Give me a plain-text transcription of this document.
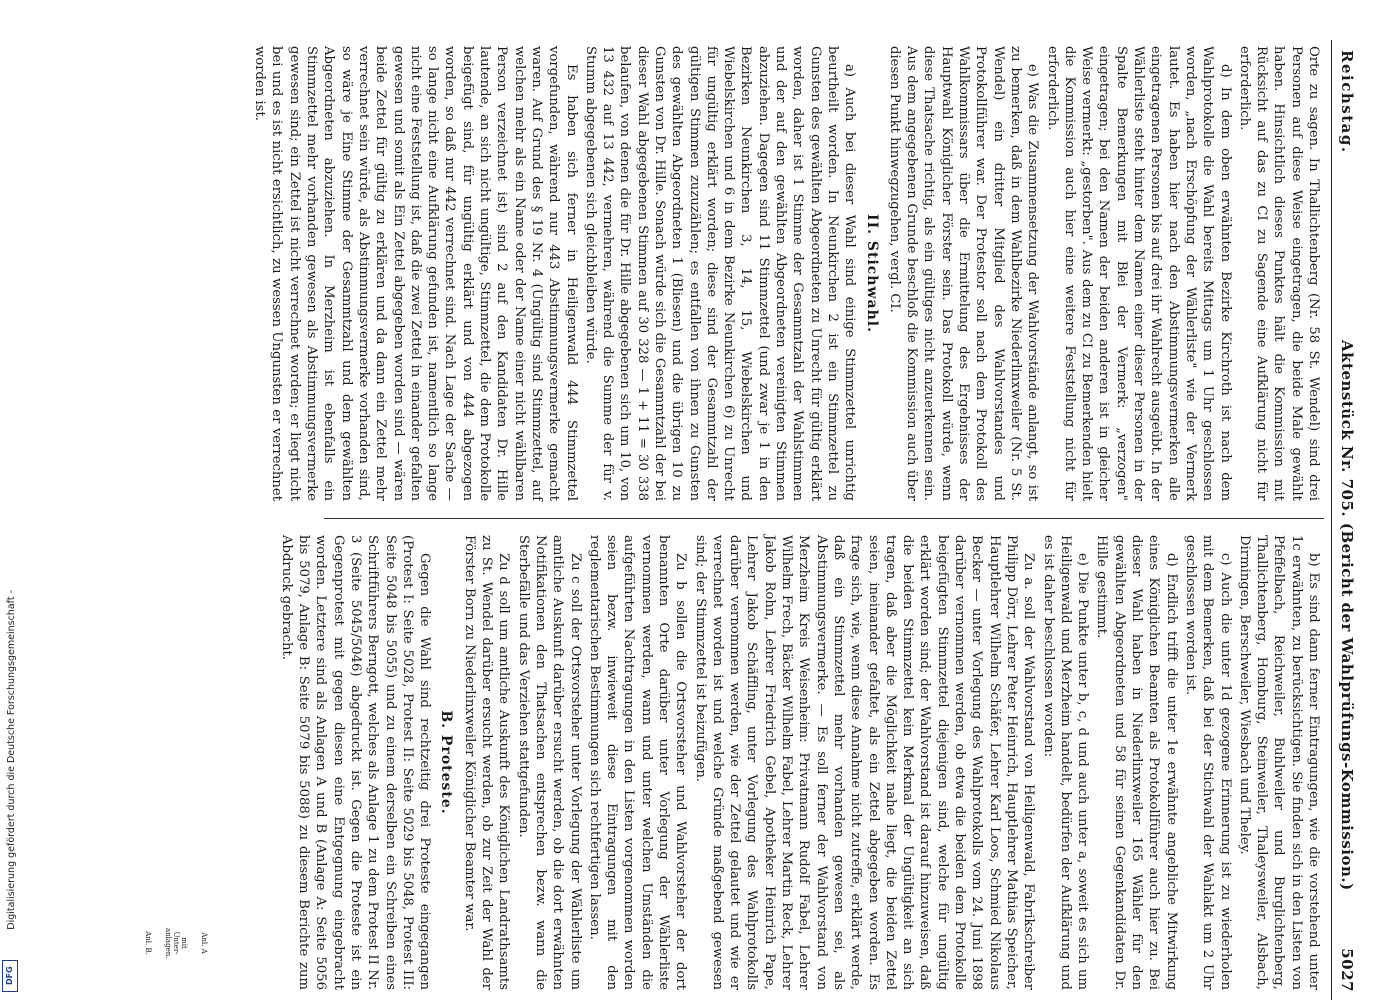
Reichstag.
Aktenstück Nr. 705. (Bericht der Wahlprüfungs-Kommission.)
5027

Orte zu sagen. In Thallichtenberg (Nr. 58 St. Wendel) sind drei Personen auf diese Weise eingetragen, die beide Male gewählt haben. Hinsichtlich dieses Punktes hält die Kommission mit Rücksicht auf das zu CI zu Sagende eine Aufklärung nicht für erforderlich.

d) In dem oben erwähnten Bezirke Kirchroth ist nach dem Wahlprotokolle die Wahl bereits Mittags um 1 Uhr geschlossen worden, „nach Erschöpfung der Wählerliste" wie der Vermerk lautet. Es haben hier nach den Abstimmungsvermerken alle eingetragenen Personen bis auf drei ihr Wahlrecht ausgeübt. In der Wählerliste steht hinter dem Namen einer dieser Personen in der Spalte Bemerkungen mit Blei der Vermerk: „verzogen" eingetragen; bei den Namen der beiden anderen ist in gleicher Weise vermerkt: „gestorben". Aus dem zu CI zu Bemerkenden hielt die Kommission auch hier eine weitere Feststellung nicht für erforderlich.

e) Was die Zusammensetzung der Wahlvorstände anlangt, so ist zu bemerken, daß in dem Wahlbezirke Niederlinxweiler (Nr. 5 St. Wendel) ein dritter Mitglied des Wahlvorstandes und Protokollführer war. Der Protestor soll nach dem Protokoll des Wahlkommissars über die Ermittelung des Ergebnisses der Hauptwahl Königlicher Förster sein. Das Protokoll würde, wenn diese Thatsache richtig, als ein gültiges nicht anzuerkennen sein. Aus dem angegebenen Grunde beschloß die Kommission auch über diesen Punkt hinwegzugehen, vergl. CI.

II. Stichwahl.

a) Auch bei dieser Wahl sind einige Stimmzettel unrichtig beurtheilt worden. In Neunkirchen 2 ist ein Stimmzettel zu Gunsten des gewählten Abgeordneten zu Unrecht für gültig erklärt worden, daher ist 1 Stimme der Gesammtzahl der Wahlstimmen und der auf den gewählten Abgeordneten vereinigten Stimmen abzuziehen. Dagegen sind 11 Stimmzettel (und zwar je 1 in den Bezirken Neunkirchen 3, 14, 15, Wiebelskirchen und Wiebelskirchen und 6 in dem Bezirke Neunkirchen 6) zu Unrecht für ungültig erklärt worden; diese sind der Gesammtzahl der gültigen Stimmen zuzuzählen; es entfallen von ihnen zu Gunsten des gewählten Abgeordneten 1 (Bliesen) und die übrigen 10 zu Gunsten von Dr. Hille. Sonach würde sich die Gesammtzahl der bei dieser Wahl abgegebenen Stimmen auf 30 328 — 1 + 11 = 30 338 belaufen, von denen die für Dr. Hille abgegebenen sich um 10, von 13 432 auf 13 442, vermehren, während die Summe der für v. Stumm abgegebenen sich gleichbleiben würde.

Es haben sich ferner in Heiligenwald 444 Stimmzettel vorgefunden, während nur 443 Abstimmungsvermerke gemacht waren. Auf Grund des § 19 Nr. 4 (Ungültig sind Stimmzettel, auf welchen mehr als ein Name oder der Name einer nicht wählbaren Person verzeichnet ist) sind 2 auf den Kandidaten Dr. Hille lautende, an sich nicht ungültige, Stimmzettel, die dem Protokolle beigefügt sind, für ungültig erklärt und von 444 abgezogen worden, so daß nur 442 verrechnet sind. Nach Lage der Sache — so lange nicht eine Aufklärung gefunden ist, namentlich so lange nicht eine Feststellung ist, daß die zwei Zettel in einander gefalten gewesen und somit als Ein Zettel abgegeben worden sind — wären beide Zettel für gültig zu erklären und da dann ein Zettel mehr verrechnet sein würde, als Abstimmungsvermerke vorhanden sind, so wäre je Eine Stimme der Gesammtzahl und dem gewählten Abgeordneten abzuziehen. In Merzheim ist ebenfalls ein Stimmzettel mehr vorhanden gewesen als Abstimmungsvermerke gewesen sind; ein Zettel ist nicht verrechnet worden; er liegt nicht bei und es ist nicht ersichtlich, zu wessen Ungunsten er verrechnet worden ist.

b) Es sind dann ferner Eintragungen, wie die vorstehend unter 1c erwähnten, zu berücksichtigen. Sie finden sich in den Listen von Pfeffelbach, Reichweiler, Buhlweiler und Burglichtenberg, Thallichtenberg, Homburg, Steinweiler, Thaleysweiler, Alsbach, Dirmingen, Berschweiler, Wiesbach und Theley.

c) Auch die unter 1d gezogene Erinnerung ist zu wiederholen mit dem Bemerken, daß bei der Stichwahl der Wahlakt um 2 Uhr geschlossen worden ist.

d) Endlich trifft die unter 1e erwähnte angebliche Mitwirkung eines Königlichen Beamten als Protokollführer auch hier zu. Bei dieser Wahl haben in Niederlinxweiler 165 Wähler für den gewählten Abgeordneten und 58 für seinen Gegenkandidaten Dr. Hille gestimmt.

e) Die Punkte unter b, c, d und auch unter a, soweit es sich um Heiligenwald und Merzheim handelt, bedürfen der Aufklärung und es ist daher beschlossen worden:

Zu a. soll der Wahlvorstand von Heiligenwald, Fabrikschreiber Philipp Dörr, Lehrer Peter Heinrich, Hauptlehrer Mathias Speicher, Hauptlehrer Wilhelm Schäfer, Lehrer Karl Loos, Schmied Nikolaus Becker — unter Vorlegung des Wahlprotokolls vom 24. Juni 1898 darüber vernommen werden, ob etwa die beiden dem Protokolle beigefügten Stimmzettel diejenigen sind, welche für ungültig erklärt worden sind; der Wahlvorstand ist darauf hinzuweisen, daß die beiden Stimmzettel kein Merkmal der Ungültigkeit an sich tragen, daß aber die Möglichkeit nahe liegt, die beiden Zettel seien, ineinander gefaltet, als ein Zettel abgegeben worden. Es frage sich, wie, wenn diese Annahme nicht zutreffe, erklärt werde, daß ein Stimmzettel mehr vorhanden gewesen sei, als Abstimmungsvermerke. — Es soll ferner der Wahlvorstand von Merzheim Kreis Weisenheim: Privatmann Rudolf Fabel, Lehrer Wilhelm Frech, Bäcker Wilhelm Fabel, Lehrer Martin Reck, Lehrer Jakob Rohn, Lehrer Friedrich Gebel, Apotheker Heinrich Pape, Lehrer Jakob Schäffling, unter Vorlegung des Wahlprotokolls darüber vernommen werden, wie der Zettel gelautet und wie er verrechnet worden ist und welche Gründe maßgebend gewesen sind; der Stimmzettel ist beizufügen.

Zu b sollen die Ortsvorsteher und Wahlvorsteher der dort benannten Orte darüber unter Vorlegung der Wählerliste vernommen werden, wann und unter welchen Umständen die aufgeführten Nachtragungen in den Listen vorgenommen worden seien bezw. inwieweit diese Eintragungen mit den reglementarischen Bestimmungen sich rechtfertigen lassen.

Zu c soll der Ortsvorsteher unter Vorlegung der Wählerliste um amtliche Auskunft darüber ersucht werden, ob die dort erwähnten Notifikationen den Thatsachen entsprechen bezw. wann die Sterbefälle und das Verziehen stattgefunden.

Zu d soll um amtliche Auskunft des Königlichen Landrathsamts zu St. Wendel darüber ersucht werden, ob zur Zeit der Wahl der Förster Born zu Niederlinxweiler Königlicher Beamter war.

B. Proteste.

Gegen die Wahl sind rechtzeitig drei Proteste eingegangen (Protest I: Seite 5028, Protest II: Seite 5029 bis 5048, Protest III: Seite 5048 bis 5055) und zu einem derselben ein Schreiben eines Schriftführers Berngott, welches als Anlage 1 zu dem Protest II Nr. 3 (Seite 5045/5046) abgedruckt ist. Gegen die Proteste ist ein Gegenprotest mit gegen diesen eine Entgegnung eingebracht worden. Letztere sind als Anlagen A und B (Anlage A: Seite 5056 bis 5079, Anlage B: Seite 5079 bis 5088) zu diesem Berichte zum Abdruck gebracht.

Anl. A
mit Unter- anlagen.
Anl. B.
Digitalisierung gefördert durch die Deutsche Forschungsgemeinschaft -
DFG
